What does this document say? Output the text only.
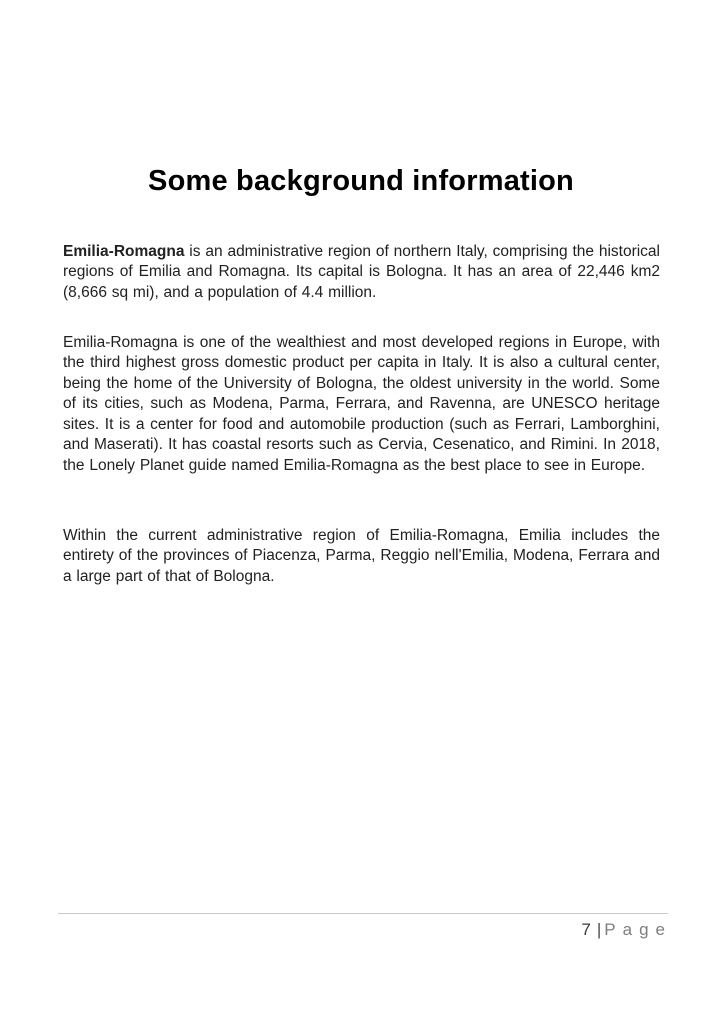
Some background information

Emilia-Romagna is an administrative region of northern Italy, comprising the historical regions of Emilia and Romagna. Its capital is Bologna. It has an area of 22,446 km2 (8,666 sq mi), and a population of 4.4 million.

Emilia-Romagna is one of the wealthiest and most developed regions in Europe, with the third highest gross domestic product per capita in Italy. It is also a cultural center, being the home of the University of Bologna, the oldest university in the world. Some of its cities, such as Modena, Parma, Ferrara, and Ravenna, are UNESCO heritage sites. It is a center for food and automobile production (such as Ferrari, Lamborghini, and Maserati). It has coastal resorts such as Cervia, Cesenatico, and Rimini. In 2018, the Lonely Planet guide named Emilia-Romagna as the best place to see in Europe.

Within the current administrative region of Emilia-Romagna, Emilia includes the entirety of the provinces of Piacenza, Parma, Reggio nell'Emilia, Modena, Ferrara and a large part of that of Bologna.

7 | Page
